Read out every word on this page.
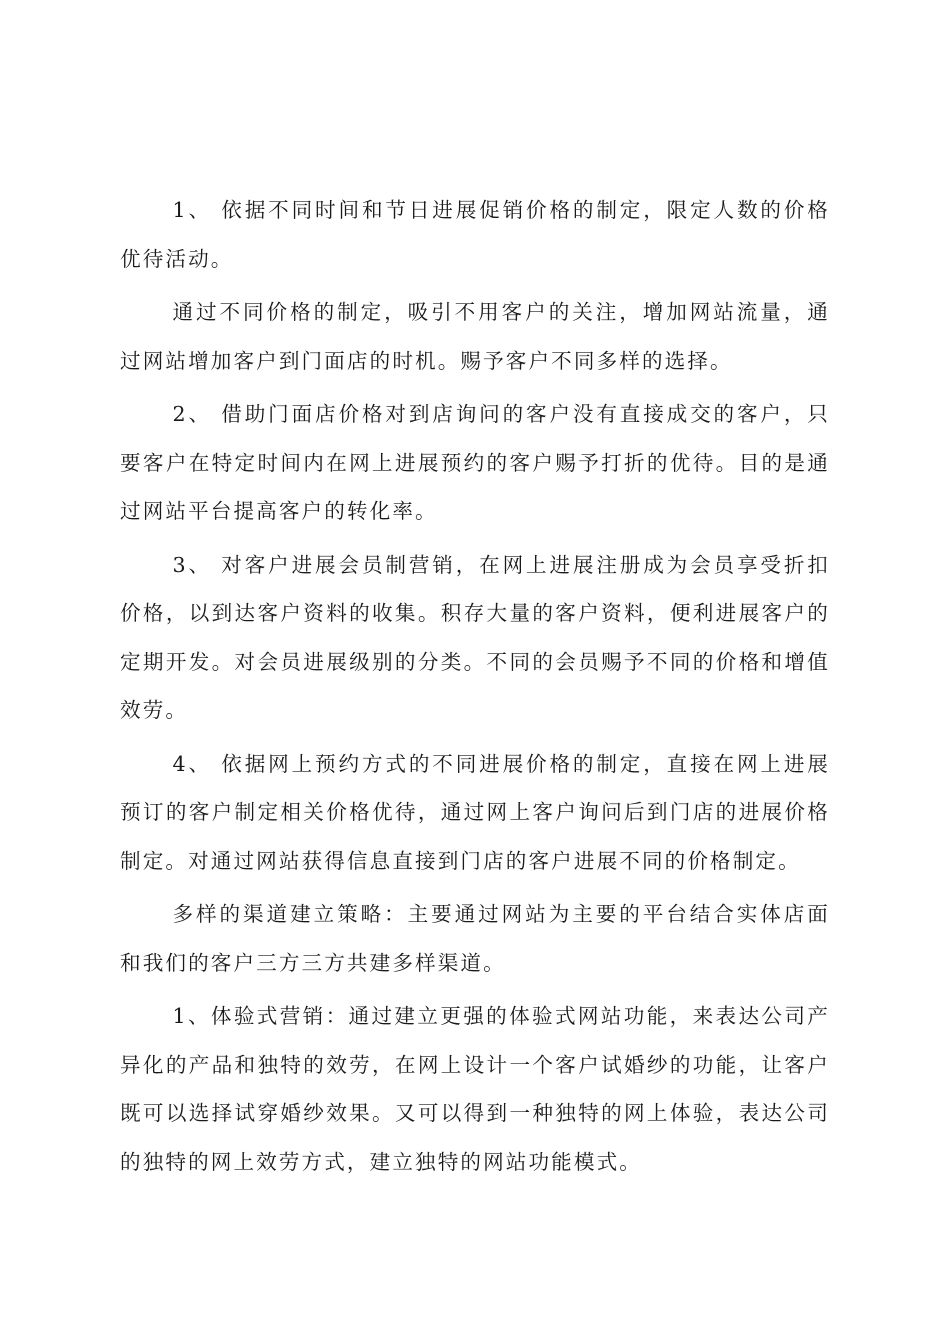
1、 依据不同时间和节日进展促销价格的制定，限定人数的价格优待活动。

通过不同价格的制定，吸引不用客户的关注，增加网站流量，通过网站增加客户到门面店的时机。赐予客户不同多样的选择。

2、 借助门面店价格对到店询问的客户没有直接成交的客户，只要客户在特定时间内在网上进展预约的客户赐予打折的优待。目的是通过网站平台提高客户的转化率。

3、 对客户进展会员制营销，在网上进展注册成为会员享受折扣价格，以到达客户资料的收集。积存大量的客户资料，便利进展客户的定期开发。对会员进展级别的分类。不同的会员赐予不同的价格和增值效劳。

4、 依据网上预约方式的不同进展价格的制定，直接在网上进展预订的客户制定相关价格优待，通过网上客户询问后到门店的进展价格制定。对通过网站获得信息直接到门店的客户进展不同的价格制定。

多样的渠道建立策略：主要通过网站为主要的平台结合实体店面和我们的客户三方三方共建多样渠道。

1、体验式营销：通过建立更强的体验式网站功能，来表达公司产异化的产品和独特的效劳，在网上设计一个客户试婚纱的功能，让客户既可以选择试穿婚纱效果。又可以得到一种独特的网上体验，表达公司的独特的网上效劳方式，建立独特的网站功能模式。
